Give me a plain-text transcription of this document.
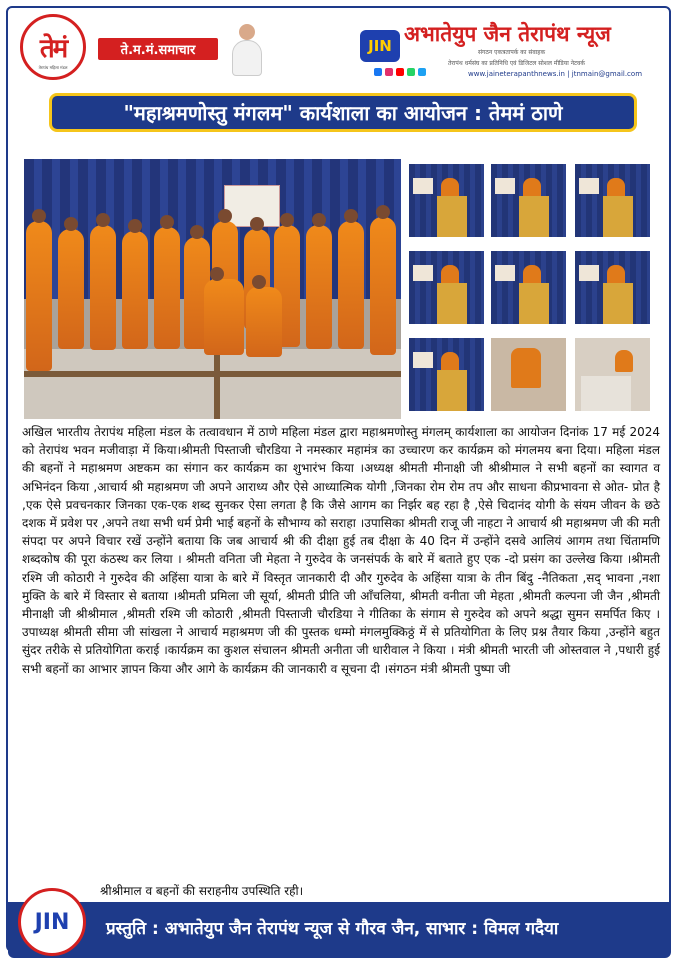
तेमं
तेरापंथ महिला मंडल
ते.म.मं.समाचार	JIN अभातेयुप जैन तेरापंथ न्यूज
संगठन एकत्रतापर्क का संवाहक
तेरापंथ धर्मसंघ का प्रतिनिधि एवं डिजिटल सोशल मीडिया नेटवर्क
www.jaineterapanthnews.in | jtnmain@gmail.com
"महाश्रमणोस्तु मंगलम" कार्यशाला का आयोजन : तेममं ठाणे
अखिल भारतीय तेरापंथ महिला मंडल के तत्वावधान में ठाणे महिला मंडल द्वारा महाश्रमणोस्तु मंगलम् कार्यशाला का आयोजन दिनांक 17 मई 2024 को तेरापंथ भवन मजीवाड़ा में किया।श्रीमती पिस्ताजी चौरडिया ने नमस्कार महामंत्र का उच्चारण कर कार्यक्रम को मंगलमय बना दिया। महिला मंडल की बहनों ने महाश्रमण अष्टकम का संगान कर कार्यक्रम का शुभारंभ किया ।अध्यक्ष श्रीमती मीनाक्षी जी श्रीश्रीमाल ने सभी बहनों का स्वागत व अभिनंदन किया ,आचार्य श्री महाश्रमण जी अपने आराध्य और ऐसे आध्यात्मिक योगी ,जिनका रोम रोम तप और साधना कीप्रभावना से ओत- प्रोत है ,एक ऐसे प्रवचनकार जिनका एक-एक शब्द सुनकर ऐसा लगता है कि जैसे आगम का निर्झर बह रहा है ,ऐसे चिदानंद योगी के संयम जीवन के छठे दशक में प्रवेश पर ,अपने तथा सभी धर्म प्रेमी भाई बहनों के सौभाग्य को सराहा ।उपासिका श्रीमती राजू जी नाहटा ने आचार्य श्री महाश्रमण जी की मती संपदा पर अपने विचार रखें उन्होंने बताया कि जब आचार्य श्री की दीक्षा हुई तब दीक्षा के 40 दिन में उन्होंने दसवे आलियं आगम तथा चिंतामणि शब्दकोष की पूरा कंठस्थ कर लिया । श्रीमती वनिता जी मेहता ने गुरुदेव के जनसंपर्क के बारे में बताते हुए एक -दो प्रसंग का उल्लेख किया ।श्रीमती रश्मि जी कोठारी ने गुरुदेव की अहिंसा यात्रा के बारे में विस्तृत जानकारी दी और गुरुदेव के अहिंसा यात्रा के तीन बिंदु -नैतिकता ,सद् भावना ,नशा मुक्ति के बारे में विस्तार से बताया ।श्रीमती प्रमिला जी सूर्या, श्रीमती प्रीति जी आँचलिया, श्रीमती वनीता जी मेहता ,श्रीमती कल्पना जी जैन ,श्रीमती मीनाक्षी जी श्रीश्रीमाल ,श्रीमती रश्मि जी कोठारी ,श्रीमती पिस्ताजी चौरडिया ने गीतिका के संगाम से गुरुदेव को अपने श्रद्धा सुमन समर्पित किए । उपाध्यक्ष श्रीमती सीमा जी सांखला ने आचार्य महाश्रमण जी की पुस्तक धम्मो मंगलमुक्किठ्ठं में से प्रतियोगिता के लिए प्रश्न तैयार किया ,उन्होंने बहुत सुंदर तरीके से प्रतियोगिता कराई ।कार्यक्रम का कुशल संचालन श्रीमती अनीता जी धारीवाल ने किया । मंत्री श्रीमती भारती जी ओस्तवाल ने ,पधारी हुई सभी बहनों का आभार ज्ञापन किया और आगे के कार्यक्रम की जानकारी व सूचना दी ।संगठन मंत्री श्रीमती पुष्पा जी
श्रीश्रीमाल व बहनों की सराहनीय उपस्थिति रही।
JIN प्रस्तुति : अभातेयुप जैन तेरापंथ न्यूज से गौरव जैन, साभार : विमल गदैया
